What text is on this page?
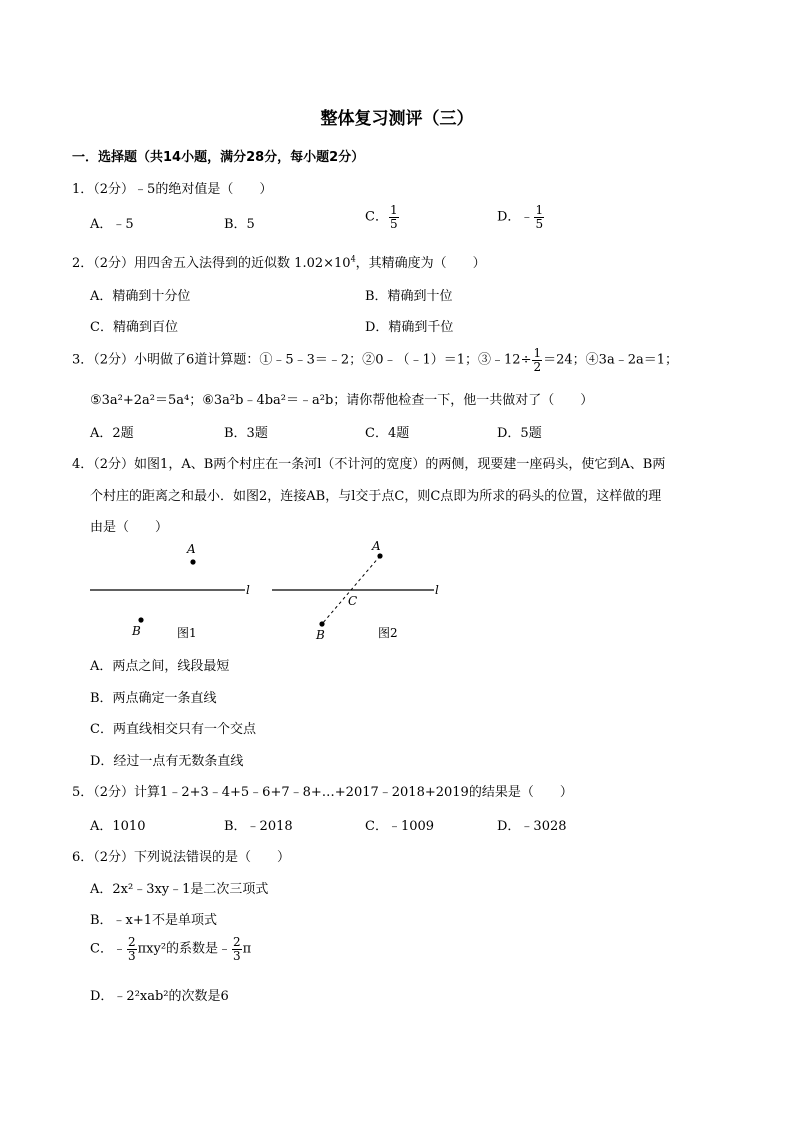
整体复习测评（三）
一．选择题（共14小题，满分28分，每小题2分）
1．（2分）﹣5的绝对值是（　　）
A．﹣5	B．5	C． $\frac{1}{5}$	D．﹣ $\frac{1}{5}$
2．（2分）用四舍五入法得到的近似数 $1.02\times 10^4$，其精确度为（　　）
A．精确到十分位	B．精确到十位
C．精确到百位	D．精确到千位
3．（2分）小明做了6道计算题：①﹣5﹣3＝﹣2；②0﹣（﹣1）＝1；③﹣12÷ $\frac{1}{2} =24$；④3a﹣2a＝1；
⑤3a²+2a²＝5a⁴；⑥3a²b﹣4ba²＝﹣a²b；请你帮他检查一下，他一共做对了（　　）
A．2题	B．3题	C．4题	D．5题
4．（2分）如图1，A、B两个村庄在一条河l（不计河的宽度）的两侧，现要建一座码头，使它到A、B两
个村庄的距离之和最小．如图2，连接AB，与l交于点C，则C点即为所求的码头的位置，这样做的理
由是（　　）
A
B
l
图1
A
B
C
l
图2
A．两点之间，线段最短
B．两点确定一条直线
C．两直线相交只有一个交点
D．经过一点有无数条直线
5．（2分）计算1﹣2+3﹣4+5﹣6+7﹣8+…+2017﹣2018+2019的结果是（　　）
A．1010	B．﹣2018	C．﹣1009	D．﹣3028
6．（2分）下列说法错误的是（　　）
A．2x²﹣3xy﹣1是二次三项式
B．﹣x+1不是单项式
C．﹣ $\frac{2}{3} \pi xy^2$的系数是﹣ $\frac{2}{3}$ π
D．﹣2²xab²的次数是6
